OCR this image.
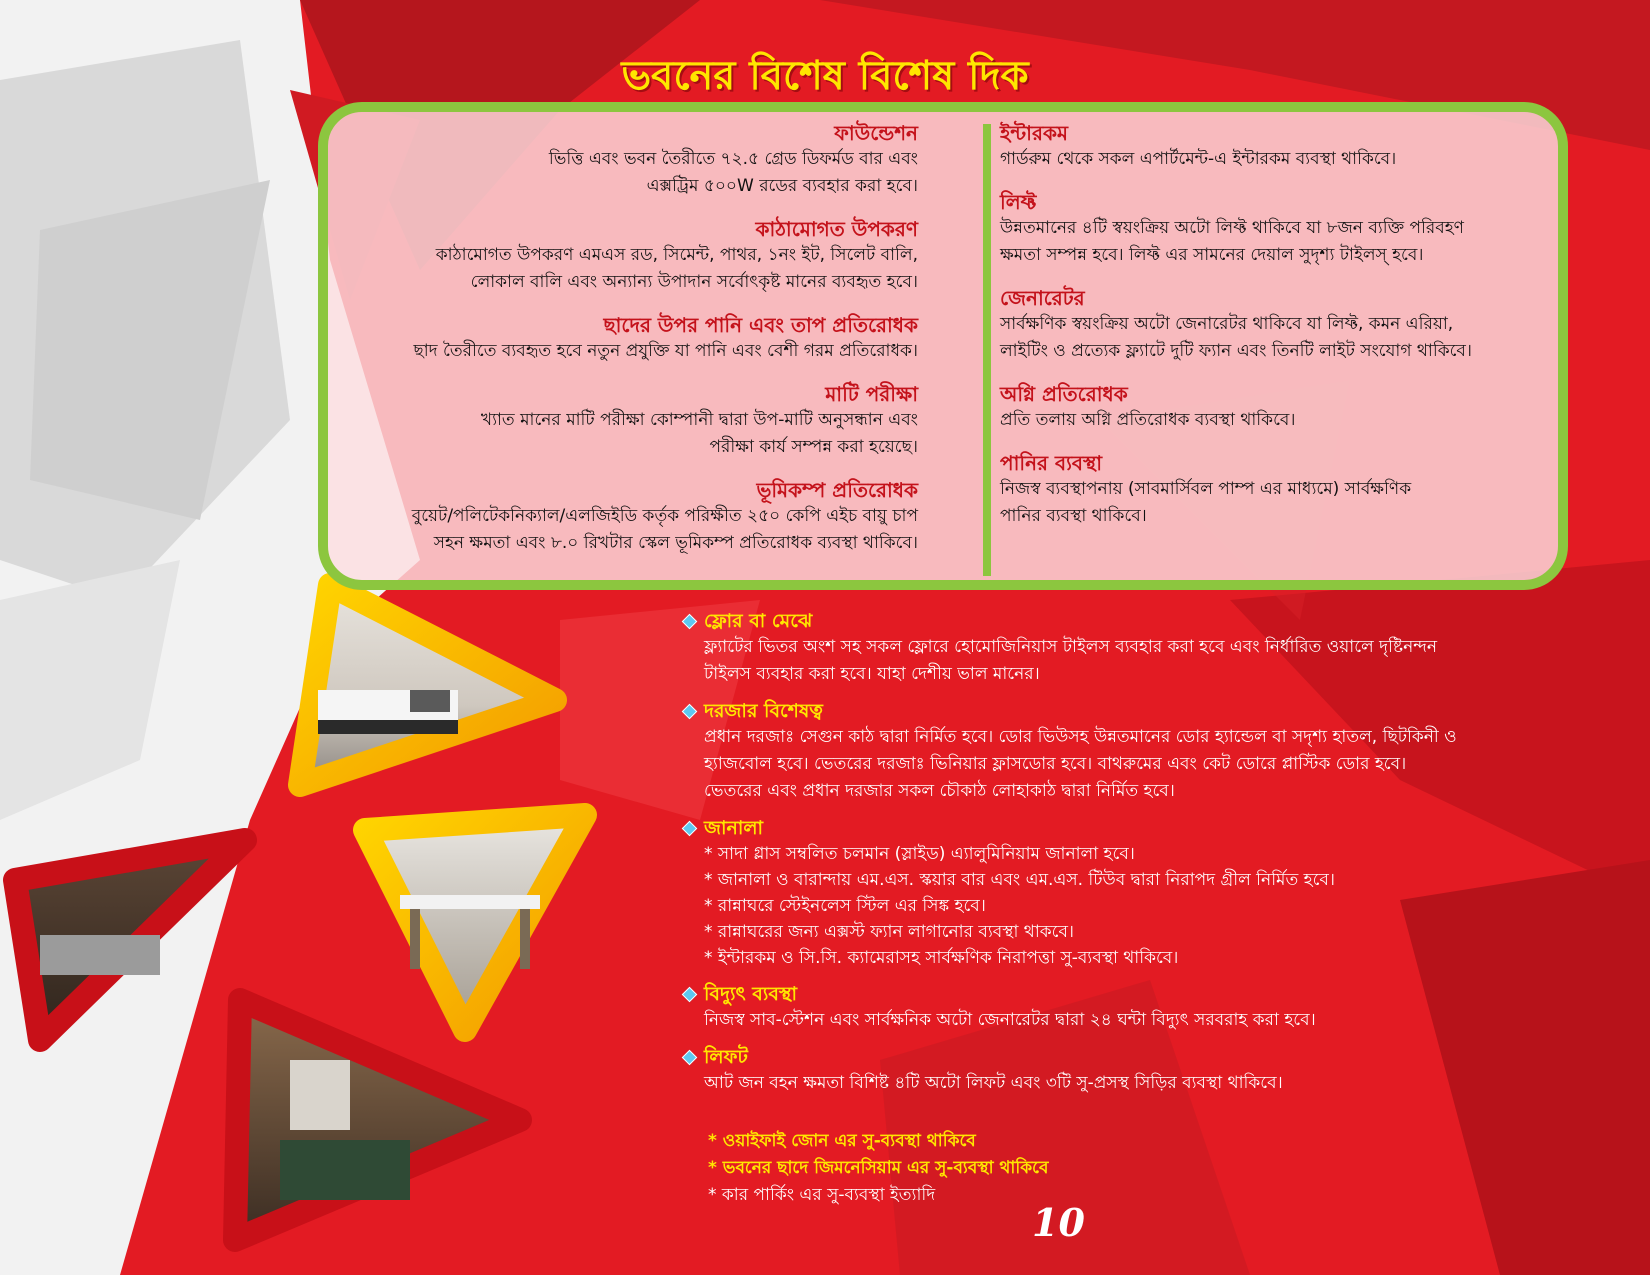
ভবনের বিশেষ বিশেষ দিক
ফাউন্ডেশন
ভিত্তি এবং ভবন তৈরীতে ৭২.৫ গ্রেড ডিফর্মড বার এবং
এক্সট্রিম ৫০০W রডের ব্যবহার করা হবে।
কাঠামোগত উপকরণ
কাঠামোগত উপকরণ এমএস রড, সিমেন্ট, পাথর, ১নং ইট, সিলেট বালি,
লোকাল বালি এবং অন্যান্য উপাদান সর্বোৎকৃষ্ট মানের ব্যবহৃত হবে।
ছাদের উপর পানি এবং তাপ প্রতিরোধক
ছাদ তৈরীতে ব্যবহৃত হবে নতুন প্রযুক্তি যা পানি এবং বেশী গরম প্রতিরোধক।
মাটি পরীক্ষা
খ্যাত মানের মাটি পরীক্ষা কোম্পানী দ্বারা উপ-মাটি অনুসন্ধান এবং
পরীক্ষা কার্য সম্পন্ন করা হয়েছে।
ভূমিকম্প প্রতিরোধক
বুয়েট/পলিটেকনিক্যাল/এলজিইডি কর্তৃক পরিক্ষীত ২৫০ কেপি এইচ বায়ু চাপ
সহন ক্ষমতা এবং ৮.০ রিখটার স্কেল ভূমিকম্প প্রতিরোধক ব্যবস্থা থাকিবে।
ইন্টারকম
গার্ডরুম থেকে সকল এপার্টমেন্ট-এ ইন্টারকম ব্যবস্থা থাকিবে।
লিফ্ট
উন্নতমানের ৪টি স্বয়ংক্রিয় অটো লিফ্ট থাকিবে যা ৮জন ব্যক্তি পরিবহণ
ক্ষমতা সম্পন্ন হবে। লিফ্ট এর সামনের দেয়াল সুদৃশ্য টাইলস্ হবে।
জেনারেটর
সার্বক্ষণিক স্বয়ংক্রিয় অটো জেনারেটর থাকিবে যা লিফ্ট, কমন এরিয়া,
লাইটিং ও প্রত্যেক ফ্ল্যাটে দুটি ফ্যান এবং তিনটি লাইট সংযোগ থাকিবে।
অগ্নি প্রতিরোধক
প্রতি তলায় অগ্নি প্রতিরোধক ব্যবস্থা থাকিবে।
পানির ব্যবস্থা
নিজস্ব ব্যবস্থাপনায় (সাবমার্সিবল পাম্প এর মাধ্যমে) সার্বক্ষণিক
পানির ব্যবস্থা থাকিবে।
ফ্লোর বা মেঝে
ফ্ল্যাটের ভিতর অংশ সহ সকল ফ্লোরে হোমোজিনিয়াস টাইলস ব্যবহার করা হবে এবং নির্ধারিত ওয়ালে দৃষ্টিনন্দন
টাইলস ব্যবহার করা হবে। যাহা দেশীয় ভাল মানের।
দরজার বিশেষত্ব
প্রধান দরজাঃ সেগুন কাঠ দ্বারা নির্মিত হবে। ডোর ভিউসহ উন্নতমানের ডোর হ্যান্ডেল বা সদৃশ্য হাতল, ছিটকিনী ও
হ্যাজবোল হবে। ভেতরের দরজাঃ ভিনিয়ার ফ্লাসডোর হবে। বাথরুমের এবং কেট ডোরে প্লাস্টিক ডোর হবে।
ভেতরের এবং প্রধান দরজার সকল চৌকাঠ লোহাকাঠ দ্বারা নির্মিত হবে।
জানালা
* সাদা গ্লাস সম্বলিত চলমান (স্লাইড) এ্যালুমিনিয়াম জানালা হবে।
* জানালা ও বারান্দায় এম.এস. স্কয়ার বার এবং এম.এস. টিউব দ্বারা নিরাপদ গ্রীল নির্মিত হবে।
* রান্নাঘরে স্টেইনলেস স্টিল এর সিঙ্ক হবে।
* রান্নাঘরের জন্য এক্সস্ট ফ্যান লাগানোর ব্যবস্থা থাকবে।
* ইন্টারকম ও সি.সি. ক্যামেরাসহ সার্বক্ষণিক নিরাপত্তা সু-ব্যবস্থা থাকিবে।
বিদ্যুৎ ব্যবস্থা
নিজস্ব সাব-স্টেশন এবং সার্বক্ষনিক অটো জেনারেটর দ্বারা ২৪ ঘন্টা বিদ্যুৎ সরবরাহ করা হবে।
লিফট
আট জন বহন ক্ষমতা বিশিষ্ট ৪টি অটো লিফট এবং ৩টি সু-প্রসস্থ সিড়ির ব্যবস্থা থাকিবে।
* ওয়াইফাই জোন এর সু-ব্যবস্থা থাকিবে
* ভবনের ছাদে জিমনেসিয়াম এর সু-ব্যবস্থা থাকিবে
* কার পার্কিং এর সু-ব্যবস্থা ইত্যাদি
10
